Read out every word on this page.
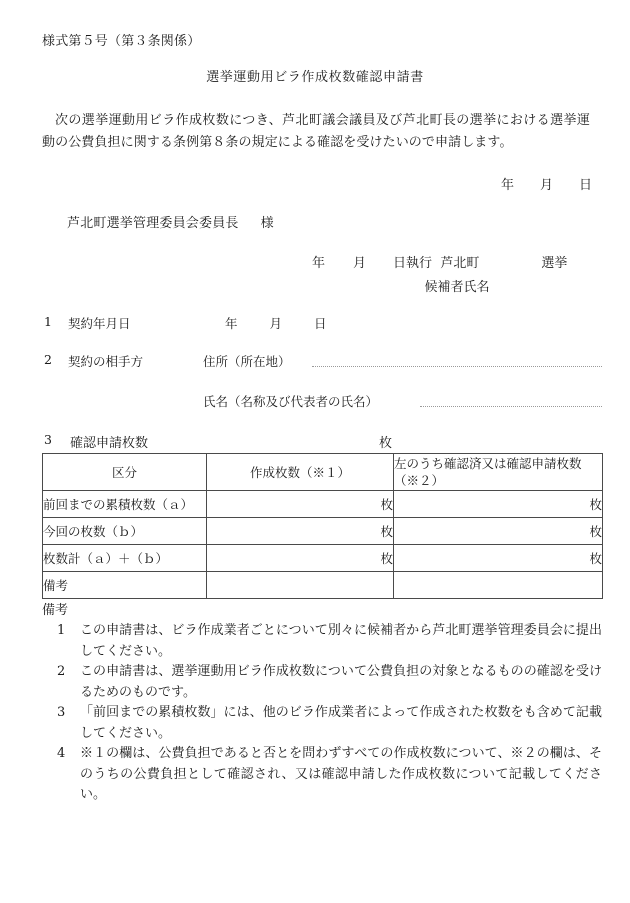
様式第５号（第３条関係）
選挙運動用ビラ作成枚数確認申請書
次の選挙運動用ビラ作成枚数につき、芦北町議会議員及び芦北町長の選挙における選挙運動の公費負担に関する条例第８条の規定による確認を受けたいので申請します。
年 月 日
芦北町選挙管理委員会委員長 様
年 月 日執行 芦北町	選挙
候補者氏名
1 契約年月日	年	月	日
2 契約の相手方	住所（所在地）
氏名（名称及び代表者の氏名）
3 確認申請枚数	枚
区分	作成枚数（※１）	左のうち確認済又は確認申請枚数（※２）
前回までの累積枚数（ａ）	枚	枚
今回の枚数（ｂ）	枚	枚
枚数計（ａ）＋（ｂ）	枚	枚
備考		
備考
1 この申請書は、ビラ作成業者ごとについて別々に候補者から芦北町選挙管理委員会に提出してください。
2 この申請書は、選挙運動用ビラ作成枚数について公費負担の対象となるものの確認を受けるためのものです。
3 「前回までの累積枚数」には、他のビラ作成業者によって作成された枚数をも含めて記載してください。
4 ※１の欄は、公費負担であると否とを問わずすべての作成枚数について、※２の欄は、そのうちの公費負担として確認され、又は確認申請した作成枚数について記載してください。
